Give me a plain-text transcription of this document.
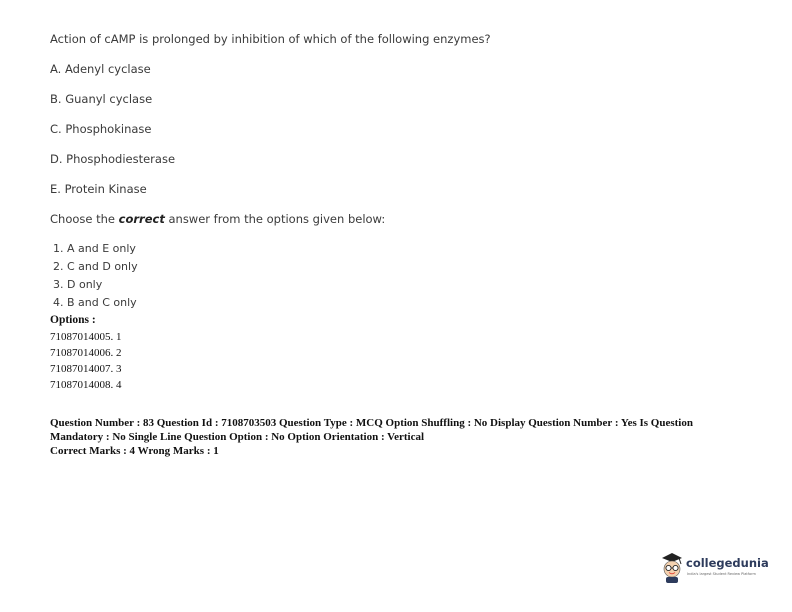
Action of cAMP is prolonged by inhibition of which of the following enzymes?
A. Adenyl cyclase
B. Guanyl cyclase
C. Phosphokinase
D. Phosphodiesterase
E. Protein Kinase
Choose the correct answer from the options given below:
1. A and E only
2. C and D only
3. D only
4. B and C only
Options :
71087014005. 1
71087014006. 2
71087014007. 3
71087014008. 4
Question Number : 83 Question Id : 7108703503 Question Type : MCQ Option Shuffling : No Display Question Number : Yes Is Question Mandatory : No Single Line Question Option : No Option Orientation : Vertical
Correct Marks : 4 Wrong Marks : 1
collegedunia
India's largest Student Review Platform
